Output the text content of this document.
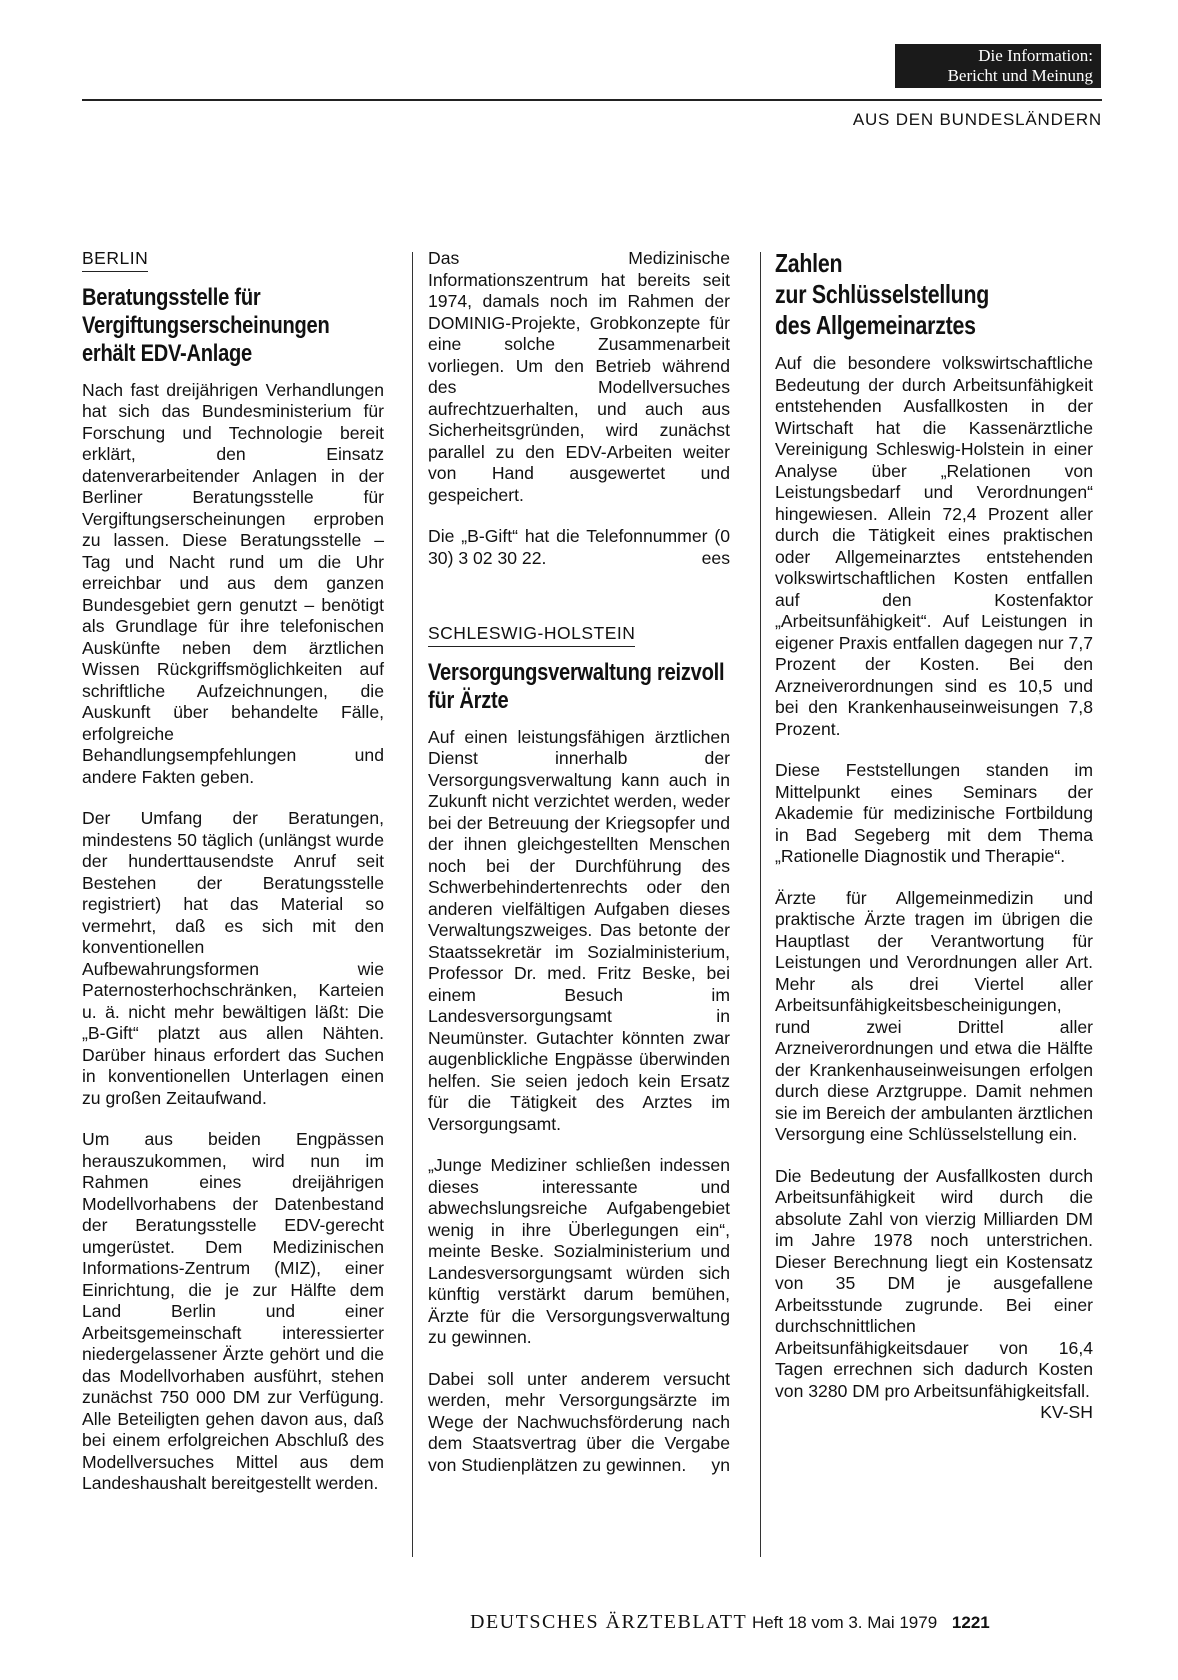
Die Information:
Bericht und Meinung
AUS DEN BUNDESLÄNDERN
BERLIN
Beratungsstelle für Vergiftungserscheinungen erhält EDV-Anlage

Nach fast dreijährigen Verhandlungen hat sich das Bundesministerium für Forschung und Technologie bereit erklärt, den Einsatz datenverarbeitender Anlagen in der Berliner Beratungsstelle für Vergiftungserscheinungen erproben zu lassen. Diese Beratungsstelle – Tag und Nacht rund um die Uhr erreichbar und aus dem ganzen Bundesgebiet gern genutzt – benötigt als Grundlage für ihre telefonischen Auskünfte neben dem ärztlichen Wissen Rückgriffsmöglichkeiten auf schriftliche Aufzeichnungen, die Auskunft über behandelte Fälle, erfolgreiche Behandlungsempfehlungen und andere Fakten geben.

Der Umfang der Beratungen, mindestens 50 täglich (unlängst wurde der hunderttausendste Anruf seit Bestehen der Beratungsstelle registriert) hat das Material so vermehrt, daß es sich mit den konventionellen Aufbewahrungsformen wie Paternosterhochschränken, Karteien u. ä. nicht mehr bewältigen läßt: Die „B-Gift“ platzt aus allen Nähten. Darüber hinaus erfordert das Suchen in konventionellen Unterlagen einen zu großen Zeitaufwand.

Um aus beiden Engpässen herauszukommen, wird nun im Rahmen eines dreijährigen Modellvorhabens der Datenbestand der Beratungsstelle EDV-gerecht umgerüstet. Dem Medizinischen Informations-Zentrum (MIZ), einer Einrichtung, die je zur Hälfte dem Land Berlin und einer Arbeitsgemeinschaft interessierter niedergelassener Ärzte gehört und die das Modellvorhaben ausführt, stehen zunächst 750 000 DM zur Verfügung. Alle Beteiligten gehen davon aus, daß bei einem erfolgreichen Abschluß des Modellversuches Mittel aus dem Landeshaushalt bereitgestellt werden.

Das Medizinische Informationszentrum hat bereits seit 1974, damals noch im Rahmen der DOMINIG-Projekte, Grobkonzepte für eine solche Zusammenarbeit vorliegen. Um den Betrieb während des Modellversuches aufrechtzuerhalten, und auch aus Sicherheitsgründen, wird zunächst parallel zu den EDV-Arbeiten weiter von Hand ausgewertet und gespeichert.

Die „B-Gift“ hat die Telefonnummer (0 30) 3 02 30 22.	ees

SCHLESWIG-HOLSTEIN
Versorgungsverwaltung reizvoll für Ärzte

Auf einen leistungsfähigen ärztlichen Dienst innerhalb der Versorgungsverwaltung kann auch in Zukunft nicht verzichtet werden, weder bei der Betreuung der Kriegsopfer und der ihnen gleichgestellten Menschen noch bei der Durchführung des Schwerbehindertenrechts oder den anderen vielfältigen Aufgaben dieses Verwaltungszweiges. Das betonte der Staatssekretär im Sozialministerium, Professor Dr. med. Fritz Beske, bei einem Besuch im Landesversorgungsamt in Neumünster. Gutachter könnten zwar augenblickliche Engpässe überwinden helfen. Sie seien jedoch kein Ersatz für die Tätigkeit des Arztes im Versorgungsamt.

„Junge Mediziner schließen indessen dieses interessante und abwechslungsreiche Aufgabengebiet wenig in ihre Überlegungen ein“, meinte Beske. Sozialministerium und Landesversorgungsamt würden sich künftig verstärkt darum bemühen, Ärzte für die Versorgungsverwaltung zu gewinnen.

Dabei soll unter anderem versucht werden, mehr Versorgungsärzte im Wege der Nachwuchsförderung nach dem Staatsvertrag über die Vergabe von Studienplätzen zu gewinnen. yn

Zahlen
zur Schlüsselstellung
des Allgemeinarztes

Auf die besondere volkswirtschaftliche Bedeutung der durch Arbeitsunfähigkeit entstehenden Ausfallkosten in der Wirtschaft hat die Kassenärztliche Vereinigung Schleswig-Holstein in einer Analyse über „Relationen von Leistungsbedarf und Verordnungen“ hingewiesen. Allein 72,4 Prozent aller durch die Tätigkeit eines praktischen oder Allgemeinarztes entstehenden volkswirtschaftlichen Kosten entfallen auf den Kostenfaktor „Arbeitsunfähigkeit“. Auf Leistungen in eigener Praxis entfallen dagegen nur 7,7 Prozent der Kosten. Bei den Arzneiverordnungen sind es 10,5 und bei den Krankenhauseinweisungen 7,8 Prozent.

Diese Feststellungen standen im Mittelpunkt eines Seminars der Akademie für medizinische Fortbildung in Bad Segeberg mit dem Thema „Rationelle Diagnostik und Therapie“.

Ärzte für Allgemeinmedizin und praktische Ärzte tragen im übrigen die Hauptlast der Verantwortung für Leistungen und Verordnungen aller Art. Mehr als drei Viertel aller Arbeitsunfähigkeitsbescheinigungen, rund zwei Drittel aller Arzneiverordnungen und etwa die Hälfte der Krankenhauseinweisungen erfolgen durch diese Arztgruppe. Damit nehmen sie im Bereich der ambulanten ärztlichen Versorgung eine Schlüsselstellung ein.

Die Bedeutung der Ausfallkosten durch Arbeitsunfähigkeit wird durch die absolute Zahl von vierzig Milliarden DM im Jahre 1978 noch unterstrichen. Dieser Berechnung liegt ein Kostensatz von 35 DM je ausgefallene Arbeitsstunde zugrunde. Bei einer durchschnittlichen Arbeitsunfähigkeitsdauer von 16,4 Tagen errechnen sich dadurch Kosten von 3280 DM pro Arbeitsunfähigkeitsfall.
KV-SH

DEUTSCHES ÄRZTEBLATT Heft 18 vom 3. Mai 1979 1221
